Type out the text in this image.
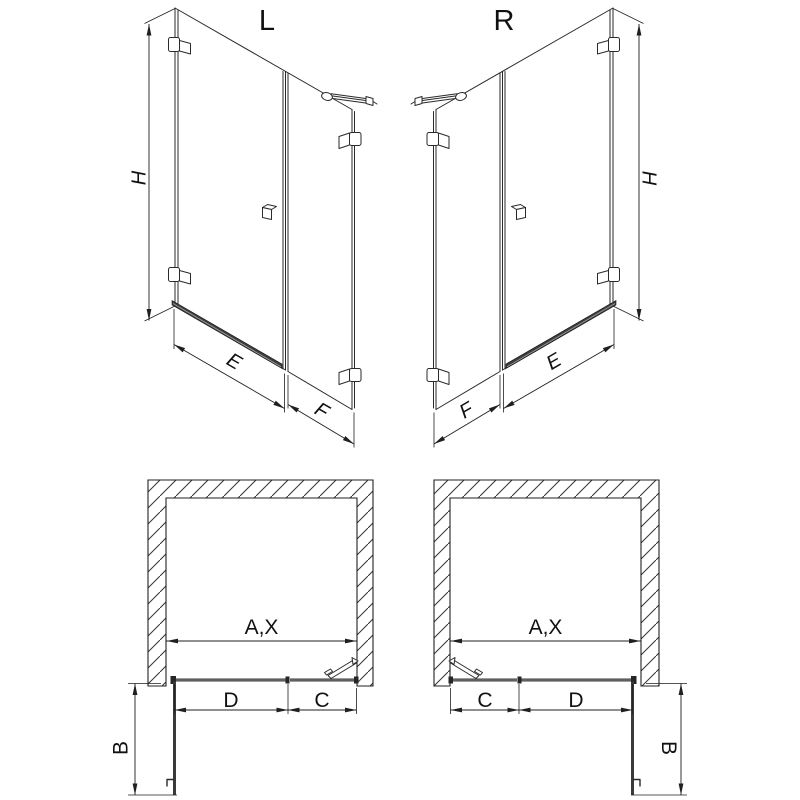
L
H
E
F
R
H
E
F
A,X
D	C
B
A,X
C	D
B
